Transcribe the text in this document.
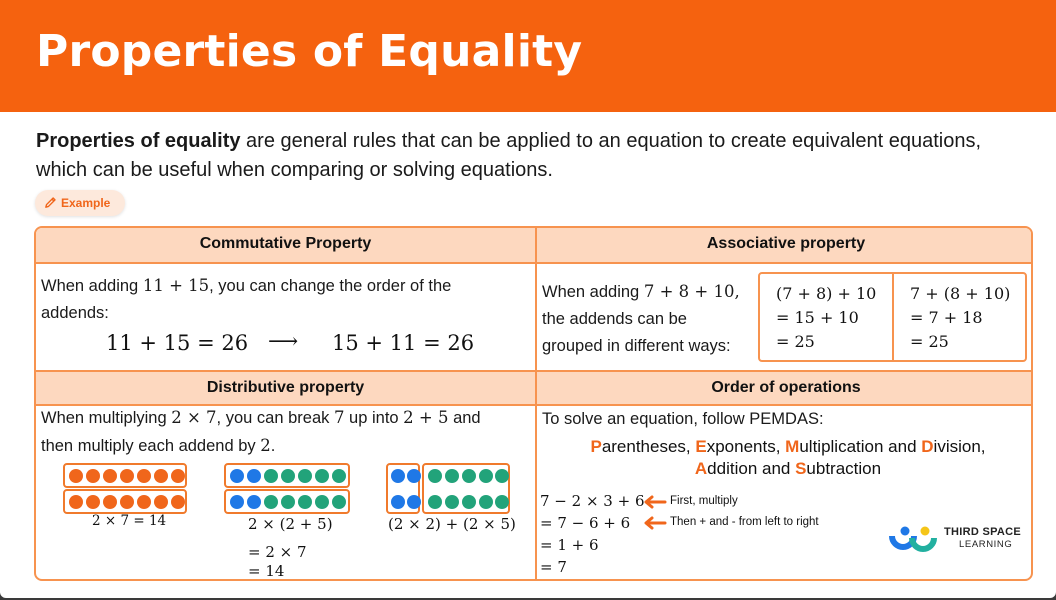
Properties of Equality
Properties of equality are general rules that can be applied to an equation to create equivalent equations,
which can be useful when comparing or solving equations.
Example
Commutative Property	Associative property
Distributive property	Order of operations
When adding 11 + 15, you can change the order of the
addends:
11 + 15 = 26 ⟶ 15 + 11 = 26
When adding 7 + 8 + 10,
the addends can be
grouped in different ways:
(7 + 8) + 10
= 15 + 10
= 25
7 + (8 + 10)
= 7 + 18
= 25
When multiplying 2 × 7, you can break 7 up into 2 + 5 and
then multiply each addend by 2.
2 × 7 = 14	2 × (2 + 5)
= 2 × 7
= 14
(2 × 2) + (2 × 5)
To solve an equation, follow PEMDAS:
Parentheses, Exponents, Multiplication and Division,
Addition and Subtraction
7 − 2 × 3 + 6
= 7 − 6 + 6
= 1 + 6
= 7
First, multiply
Then + and - from left to right
THIRD SPACE
LEARNING
